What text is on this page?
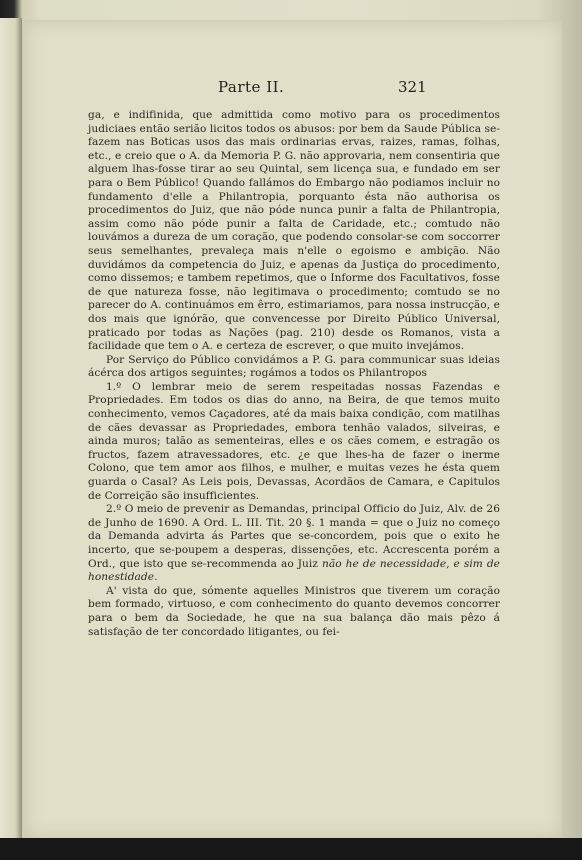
Parte II.	321

ga, e indifinida, que admittida como motivo para os procedimentos judiciaes então serião licitos todos os abusos: por bem da Saude Pública se-fazem nas Boticas usos das mais ordinarias ervas, raizes, ramas, folhas, etc., e creio que o A. da Memoria P. G. não approvaria, nem consentiria que alguem lhas-fosse tirar ao seu Quintal, sem licença sua, e fundado em ser para o Bem Público! Quando fallámos do Embargo não podiamos incluir no fundamento d'elle a Philantropia, porquanto ésta não authorisa os procedimentos do Juiz, que não póde nunca punir a falta de Philantropia, assim como não póde punir a falta de Caridade, etc.; comtudo não louvámos a dureza de um coração, que podendo consolar-se com soccorrer seus semelhantes, prevaleça mais n'elle o egoismo e ambição. Não duvidámos da competencia do Juiz, e apenas da Justiça do procedimento, como dissemos; e tambem repetimos, que o Informe dos Facultativos, fosse de que natureza fosse, não legitimava o procedimento; comtudo se no parecer do A. continuámos em êrro, estimariamos, para nossa instrucção, e dos mais que ignórão, que convencesse por Direito Público Universal, praticado por todas as Nações (pag. 210) desde os Romanos, vista a facilidade que tem o A. e certeza de escrever, o que muito invejámos.

Por Serviço do Público convidámos a P. G. para communicar suas ideias ácérca dos artigos seguintes; rogámos a todos os Philantropos

1.º O lembrar meio de serem respeitadas nossas Fazendas e Propriedades. Em todos os dias do anno, na Beira, de que temos muito conhecimento, vemos Caçadores, até da mais baixa condição, com matilhas de cães devassar as Propriedades, embora tenhão valados, silveiras, e ainda muros; talão as sementeiras, elles e os cães comem, e estragão os fructos, fazem atravessadores, etc. ¿e que lhes-ha de fazer o inerme Colono, que tem amor aos filhos, e mulher, e muitas vezes he ésta quem guarda o Casal? As Leis pois, Devassas, Acordãos de Camara, e Capitulos de Correição são insufficientes.

2.º O meio de prevenir as Demandas, principal Officio do Juiz, Alv. de 26 de Junho de 1690. A Ord. L. III. Tit. 20 §. 1 manda = que o Juiz no começo da Demanda advirta ás Partes que se-concordem, pois que o exito he incerto, que se-poupem a desperas, dissenções, etc. Accrescenta porém a Ord., que isto que se-recommenda ao Juiz não he de necessidade, e sim de honestidade.

A' vista do que, sómente aquelles Ministros que tiverem um coração bem formado, virtuoso, e com conhecimento do quanto devemos concorrer para o bem da Sociedade, he que na sua balança dão mais pêzo á satisfação de ter concordado litigantes, ou fei-
